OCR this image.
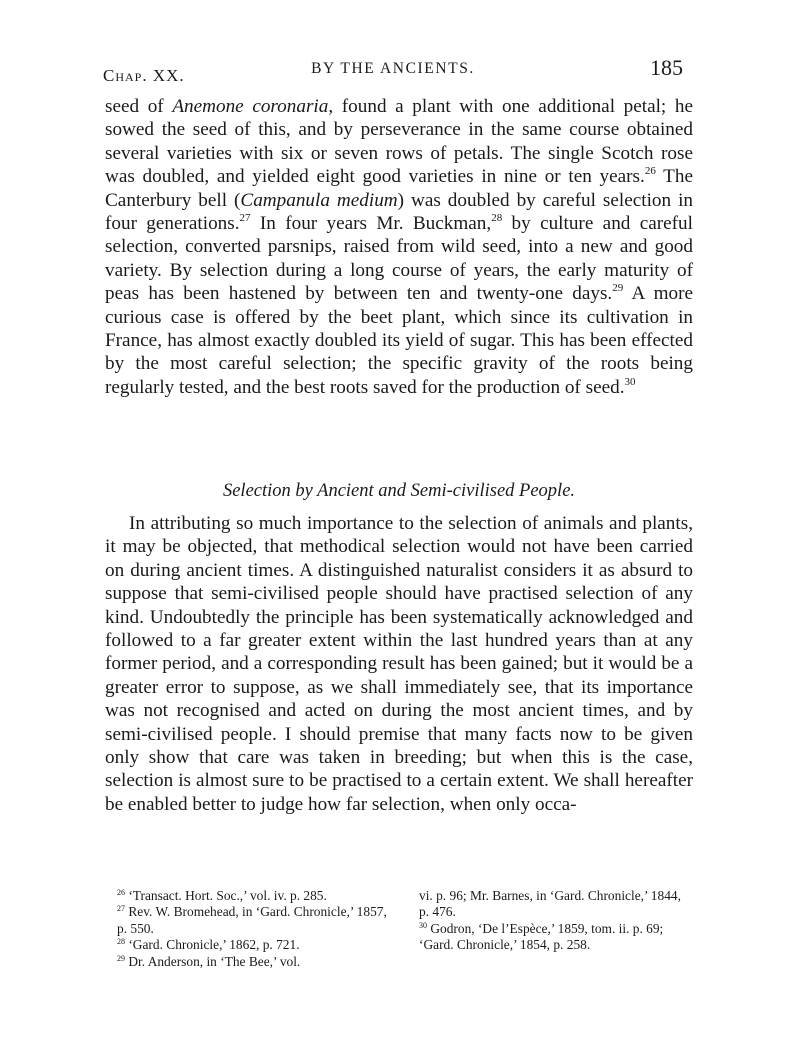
Chap. XX.	BY THE ANCIENTS.	185
seed of Anemone coronaria, found a plant with one additional petal; he sowed the seed of this, and by perseverance in the same course obtained several varieties with six or seven rows of petals. The single Scotch rose was doubled, and yielded eight good varieties in nine or ten years.$^{26}$ The Canterbury bell (Campanula medium) was doubled by careful selection in four generations.$^{27}$ In four years Mr. Buckman,$^{28}$ by culture and careful selection, converted parsnips, raised from wild seed, into a new and good variety. By selection during a long course of years, the early maturity of peas has been hastened by between ten and twenty-one days.$^{29}$ A more curious case is offered by the beet plant, which since its cultivation in France, has almost exactly doubled its yield of sugar. This has been effected by the most careful selection; the specific gravity of the roots being regularly tested, and the best roots saved for the production of seed.$^{30}$
Selection by Ancient and Semi-civilised People.
In attributing so much importance to the selection of animals and plants, it may be objected, that methodical selection would not have been carried on during ancient times. A distinguished naturalist considers it as absurd to suppose that semi-civilised people should have practised selection of any kind. Undoubtedly the principle has been systematically acknowledged and followed to a far greater extent within the last hundred years than at any former period, and a corresponding result has been gained; but it would be a greater error to suppose, as we shall immediately see, that its importance was not recognised and acted on during the most ancient times, and by semi-civilised people. I should premise that many facts now to be given only show that care was taken in breeding; but when this is the case, selection is almost sure to be practised to a certain extent. We shall hereafter be enabled better to judge how far selection, when only occa-

$^{26}$ ‘Transact. Hort. Soc.,’ vol. iv. p. 285.

$^{27}$ Rev. W. Bromehead, in ‘Gard. Chronicle,’ 1857, p. 550.

$^{28}$ ‘Gard. Chronicle,’ 1862, p. 721.

$^{29}$ Dr. Anderson, in ‘The Bee,’ vol.

vi. p. 96; Mr. Barnes, in ‘Gard. Chronicle,’ 1844, p. 476.

$^{30}$ Godron, ‘De l’Espèce,’ 1859, tom. ii. p. 69; ‘Gard. Chronicle,’ 1854, p. 258.
